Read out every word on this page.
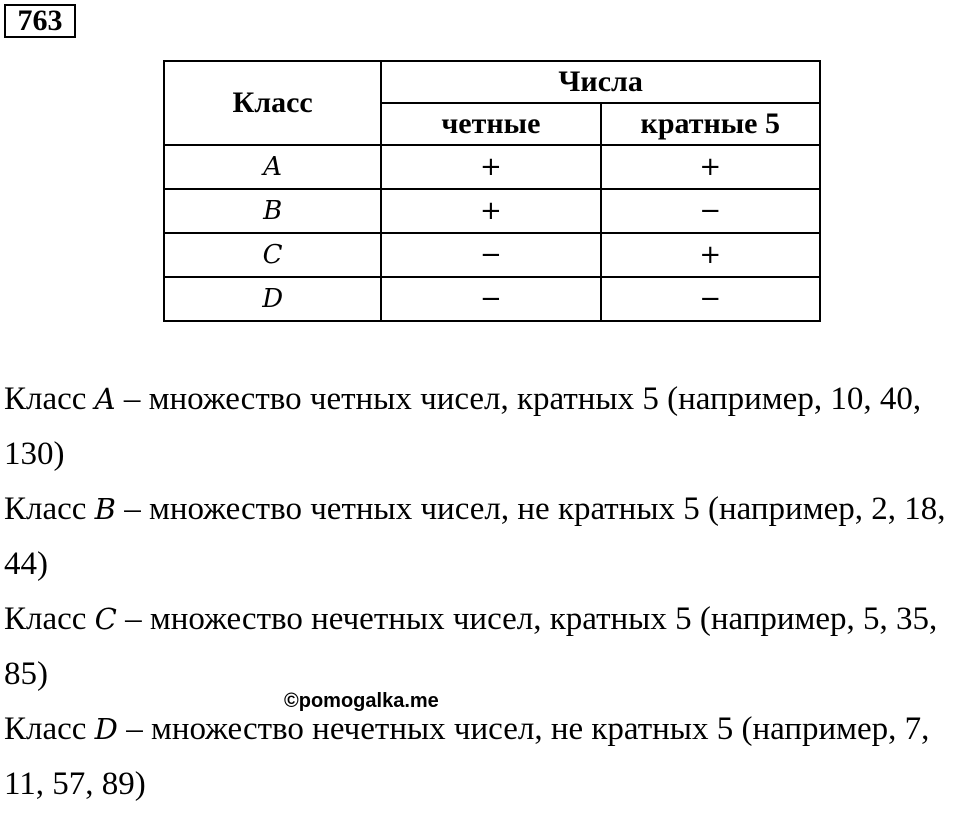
763
Класс	Числа	
	четные	кратные 5
A	+	+
B	+	−
C	−	+
D	−	−

Класс A – множество четных чисел, кратных 5 (например, 10, 40,
130)

Класс B – множество четных чисел, не кратных 5 (например, 2, 18,
44)

Класс C – множество нечетных чисел, кратных 5 (например, 5, 35,
85)

Класс D – множество нечетных чисел, не кратных 5 (например, 7,
11, 57, 89)

©pomogalka.me
